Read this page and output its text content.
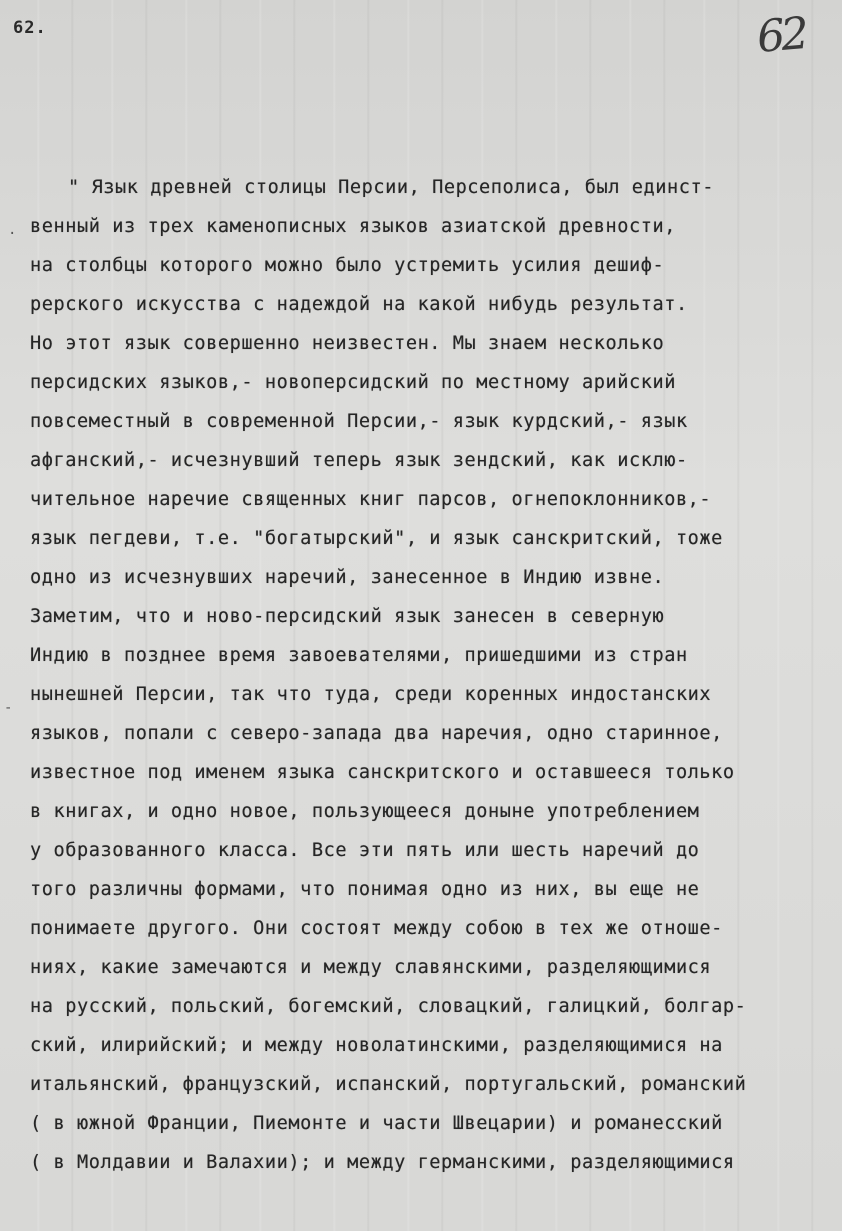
62.	62
·
-
" Язык древней столицы Персии, Персеполиса, был единст-
венный из трех каменописных языков азиатской древности,
на столбцы которого можно было устремить усилия дешиф-
рерского искусства с надеждой на какой нибудь результат.
Но этот язык совершенно неизвестен. Мы знаем несколько
персидских языков,- новоперсидский по местному арийский
повсеместный в современной Персии,- язык курдский,- язык
афганский,- исчезнувший теперь язык зендский, как исклю-
чительное наречие священных книг парсов, огнепоклонников,-
язык пегдеви, т.е. "богатырский", и язык санскритский, тоже
одно из исчезнувших наречий, занесенное в Индию извне.
Заметим, что и ново-персидский язык занесен в северную
Индию в позднее время завоевателями, пришедшими из стран
нынешней Персии, так что туда, среди коренных индостанских
языков, попали с северо-запада два наречия, одно старинное,
известное под именем языка санскритского и оставшееся только
в книгах, и одно новое, пользующееся доныне употреблением
у образованного класса. Все эти пять или шесть наречий до
того различны формами, что понимая одно из них, вы еще не
понимаете другого. Они состоят между собою в тех же отноше-
ниях, какие замечаются и между славянскими, разделяющимися
на русский, польский, богемский, словацкий, галицкий, болгар-
ский, илирийский; и между новолатинскими, разделяющимися на
итальянский, французский, испанский, португальский, романский
( в южной Франции, Пиемонте и части Швецарии) и романесский
( в Молдавии и Валахии); и между германскими, разделяющимися
